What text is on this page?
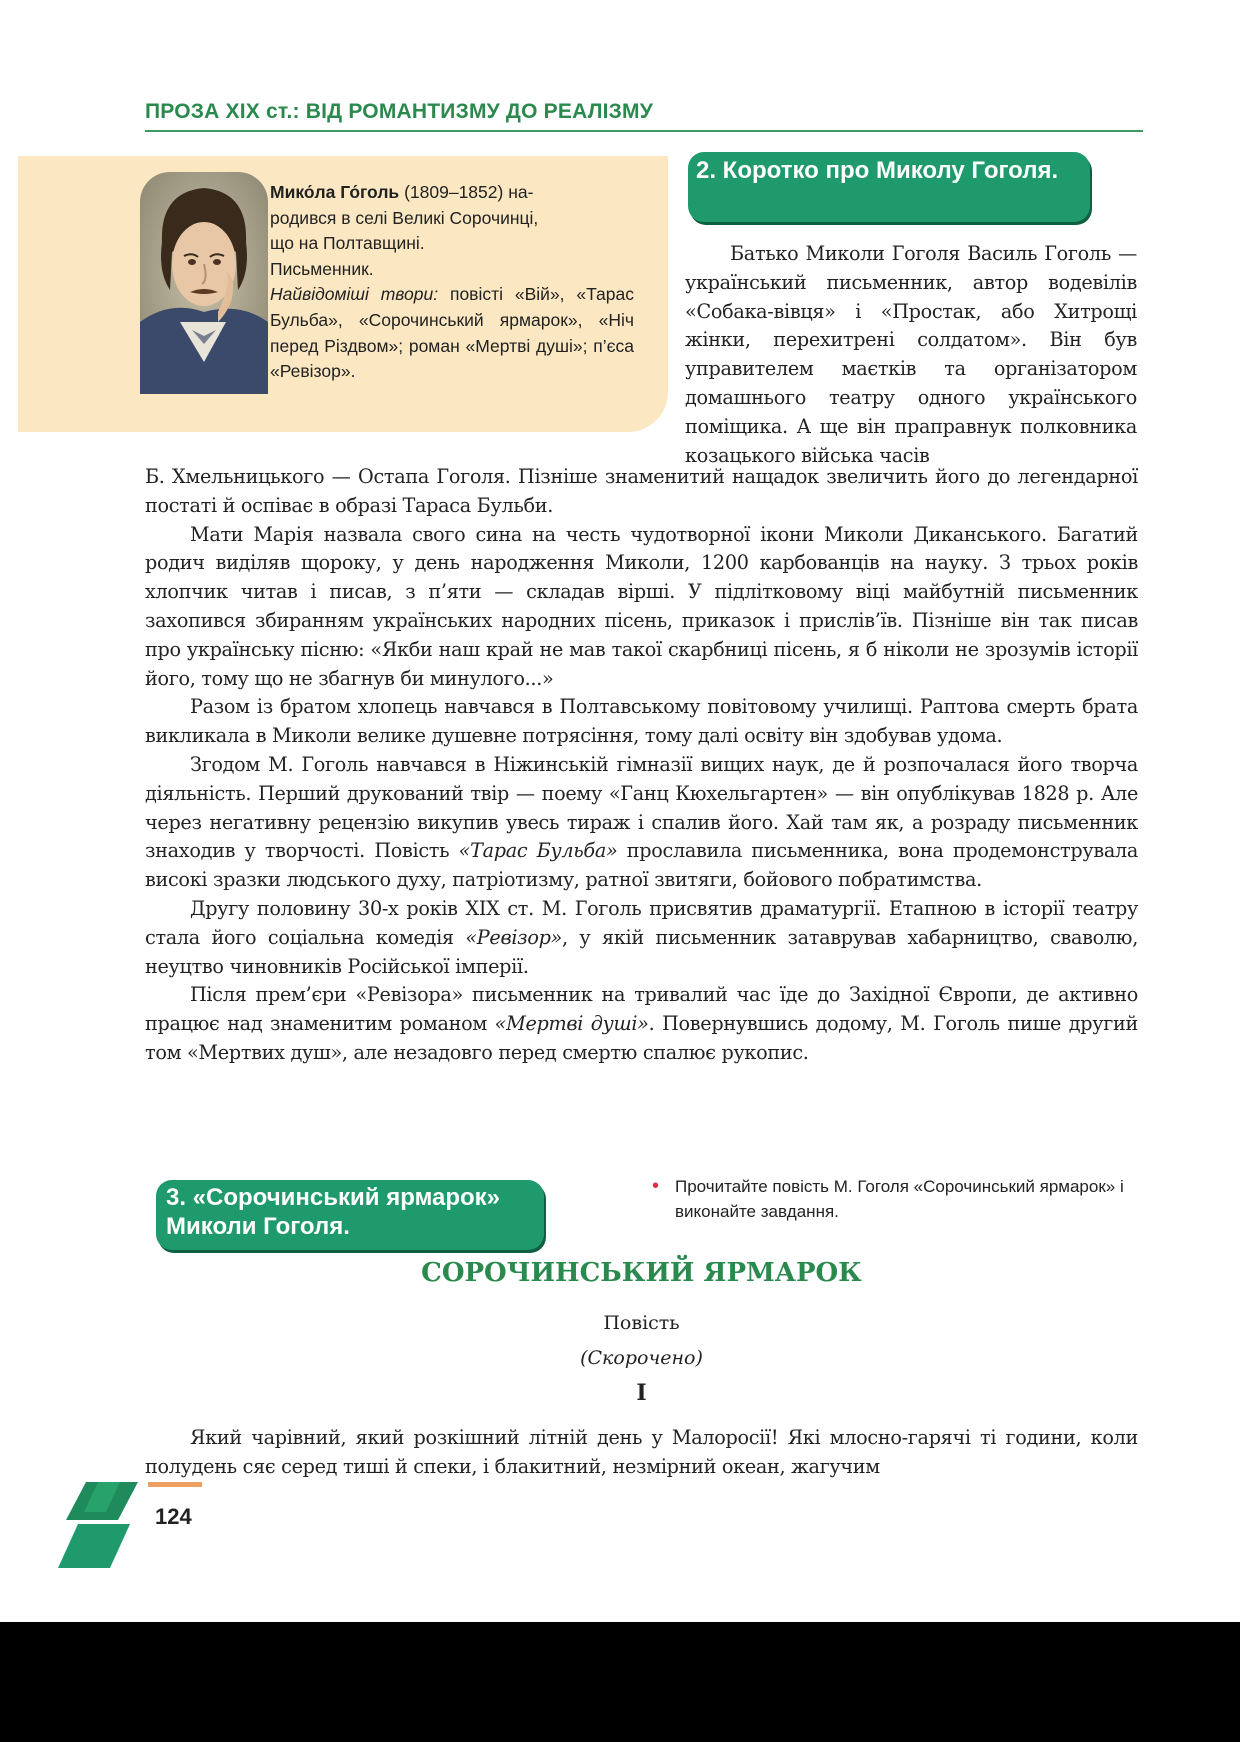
ПРОЗА XIX ст.: ВІД РОМАНТИЗМУ ДО РЕАЛІЗМУ

Мико́ла Го́голь (1809–1852) на-

родився в селі Великі Сорочинці,

що на Полтавщині.

Письменник.

Найвідоміші твори: повісті «Вій», «Тарас Бульба», «Сорочинський ярмарок», «Ніч перед Різдвом»; роман «Мертві душі»; п’єса «Ревізор».

2. Коротко про Миколу Гоголя.

Батько Миколи Гоголя Василь Гоголь — український письменник, автор водевілів «Собака-вівця» і «Простак, або Хитрощі жінки, перехитрені солдатом». Він був управителем маєтків та організатором домашнього театру одного українського поміщика. А ще він праправнук полковника козацького війська часів

Б. Хмельницького — Остапа Гоголя. Пізніше знаменитий нащадок звеличить його до легендарної постаті й оспіває в образі Тараса Бульби.

Мати Марія назвала свого сина на честь чудотворної ікони Миколи Диканського. Багатий родич виділяв щороку, у день народження Миколи, 1200 карбованців на науку. З трьох років хлопчик читав і писав, з п’яти — складав вірші. У підлітковому віці майбутній письменник захопився збиранням українських народних пісень, приказок і прислів’їв. Пізніше він так писав про українську пісню: «Якби наш край не мав такої скарбниці пісень, я б ніколи не зрозумів історії його, тому що не збагнув би минулого...»

Разом із братом хлопець навчався в Полтавському повітовому училищі. Раптова смерть брата викликала в Миколи велике душевне потрясіння, тому далі освіту він здобував удома.

Згодом М. Гоголь навчався в Ніжинській гімназії вищих наук, де й розпочалася його творча діяльність. Перший друкований твір — поему «Ганц Кюхельгартен» — він опублікував 1828 р. Але через негативну рецензію викупив увесь тираж і спалив його. Хай там як, а розраду письменник знаходив у творчості. Повість «Тарас Бульба» прославила письменника, вона продемонструвала високі зразки людського духу, патріотизму, ратної звитяги, бойового побратимства.

Другу половину 30-х років XIX ст. М. Гоголь присвятив драматургії. Етапною в історії театру стала його соціальна комедія «Ревізор», у якій письменник затаврував хабарництво, сваволю, неуцтво чиновників Російської імперії.

Після прем’єри «Ревізора» письменник на тривалий час їде до Західної Європи, де активно працює над знаменитим романом «Мертві душі». Повернувшись додому, М. Гоголь пише другий том «Мертвих душ», але незадовго перед смертю спалює рукопис.

3. «Сорочинський ярмарок» Миколи Гоголя.
• Прочитайте повість М. Гоголя «Сорочинський ярмарок» і виконайте завдання.
СОРОЧИНСЬКИЙ ЯРМАРОК
Повість
(Скорочено)
I

Який чарівний, який розкішний літній день у Малоросії! Які млосно-гарячі ті години, коли полудень сяє серед тиші й спеки, і блакитний, незмірний океан, жагучим

124
